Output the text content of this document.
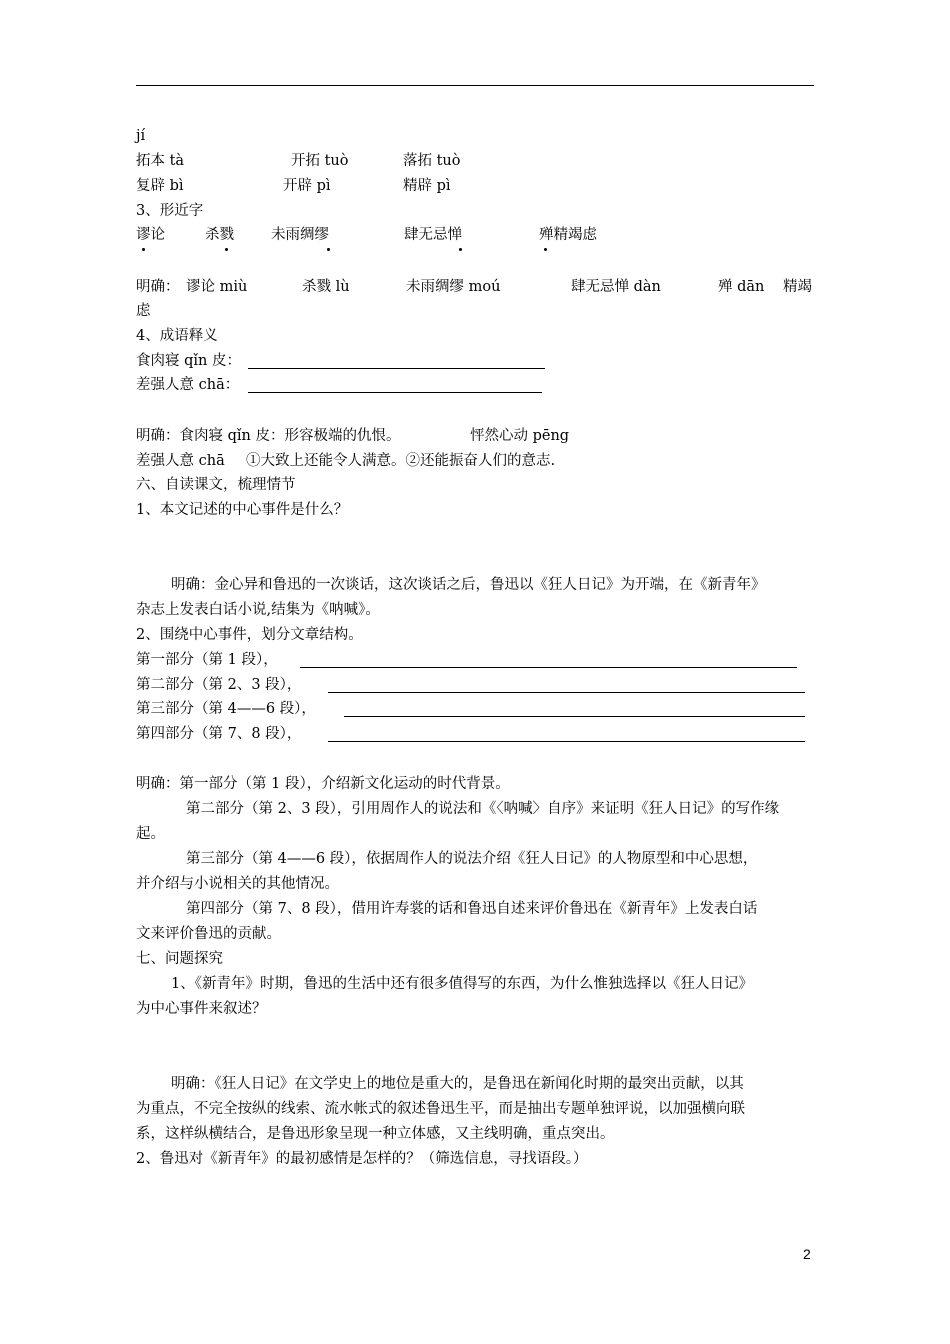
jí
拓本 tà	开拓 tuò	落拓 tuò
复辟 bì	开辟 pì	精辟 pì
3、形近字
谬论	杀戮	未雨绸缪	肆无忌惮	殚精竭虑
明确： 谬论 miù	杀戮 lù	未雨绸缪 moú	肆无忌惮 dàn	殚 dān 精竭
虑
4、成语释义
食肉寝 qǐn 皮：
差强人意 chā：
明确：食肉寝 qǐn 皮：形容极端的仇恨。	怦然心动 pēng
差强人意 chā ①大致上还能令人满意。②还能振奋人们的意志.
六、自读课文，梳理情节
1、本文记述的中心事件是什么？
明确：金心异和鲁迅的一次谈话，这次谈话之后，鲁迅以《狂人日记》为开端，在《新青年》
杂志上发表白话小说,结集为《呐喊》。
2、围绕中心事件，划分文章结构。
第一部分（第 1 段），
第二部分（第 2、3 段），
第三部分（第 4——6 段），
第四部分（第 7、8 段），
明确：第一部分（第 1 段），介绍新文化运动的时代背景。
第二部分（第 2、3 段），引用周作人的说法和《〈呐喊〉自序》来证明《狂人日记》的写作缘
起。
第三部分（第 4——6 段），依据周作人的说法介绍《狂人日记》的人物原型和中心思想，
并介绍与小说相关的其他情况。
第四部分（第 7、8 段），借用许寿裳的话和鲁迅自述来评价鲁迅在《新青年》上发表白话
文来评价鲁迅的贡献。
七、问题探究
1、《新青年》时期，鲁迅的生活中还有很多值得写的东西，为什么惟独选择以《狂人日记》
为中心事件来叙述？
明确：《狂人日记》在文学史上的地位是重大的，是鲁迅在新闻化时期的最突出贡献，以其
为重点，不完全按纵的线索、流水帐式的叙述鲁迅生平，而是抽出专题单独评说，以加强横向联
系，这样纵横结合，是鲁迅形象呈现一种立体感，又主线明确，重点突出。
2、鲁迅对《新青年》的最初感情是怎样的？（筛选信息，寻找语段。）
2
